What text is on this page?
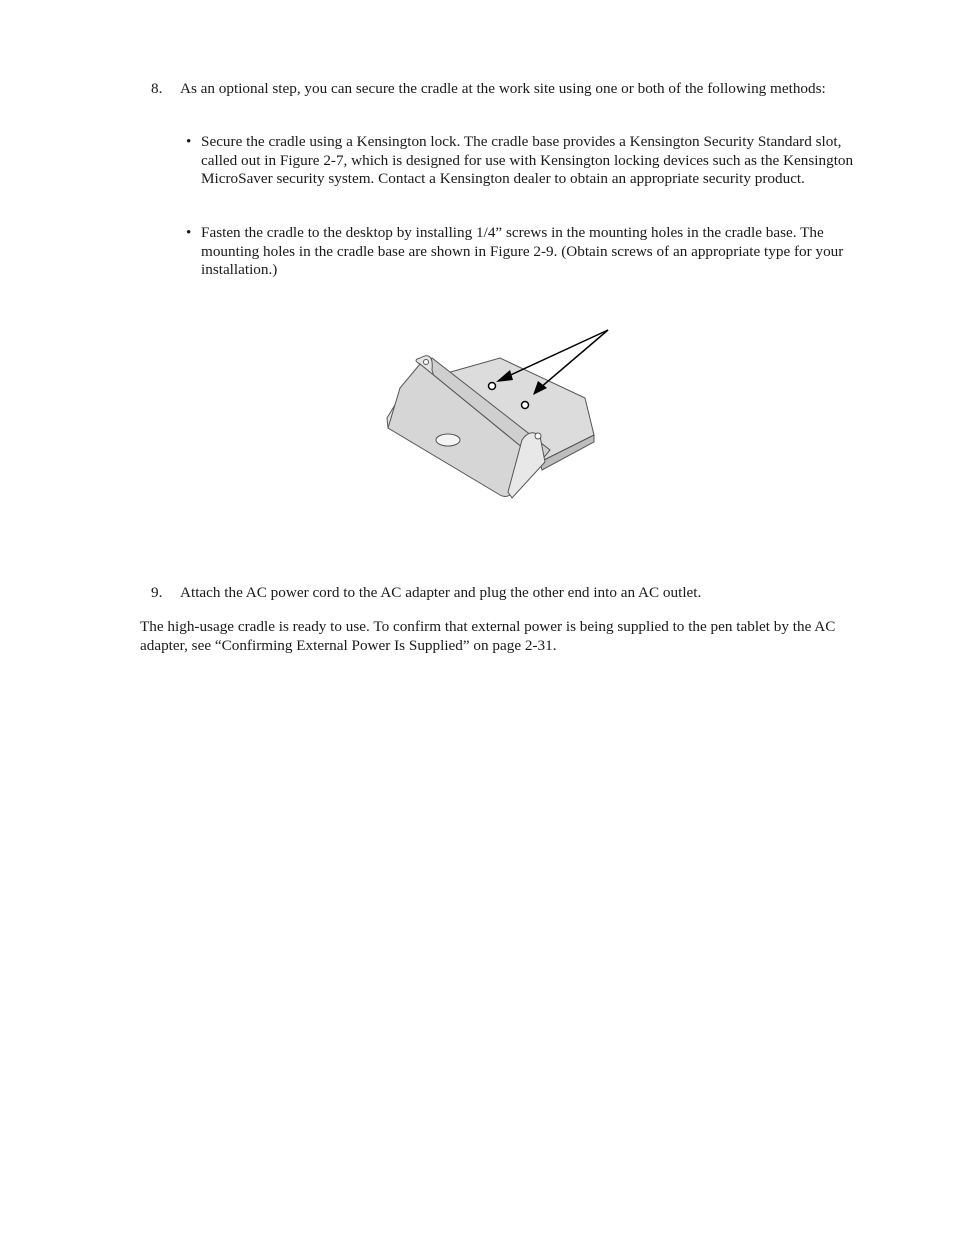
8. As an optional step, you can secure the cradle at the work site using one or both of the following methods:
• Secure the cradle using a Kensington lock. The cradle base provides a Kensington Security Standard slot, called out in Figure 2-7, which is designed for use with Kensington locking devices such as the Kensington MicroSaver security system. Contact a Kensington dealer to obtain an appropriate security product.
• Fasten the cradle to the desktop by installing 1/4” screws in the mounting holes in the cradle base. The mounting holes in the cradle base are shown in Figure 2-9. (Obtain screws of an appropriate type for your installation.)
9. Attach the AC power cord to the AC adapter and plug the other end into an AC outlet.
The high-usage cradle is ready to use. To confirm that external power is being supplied to the pen tablet by the AC adapter, see “Confirming External Power Is Supplied” on page 2-31.
